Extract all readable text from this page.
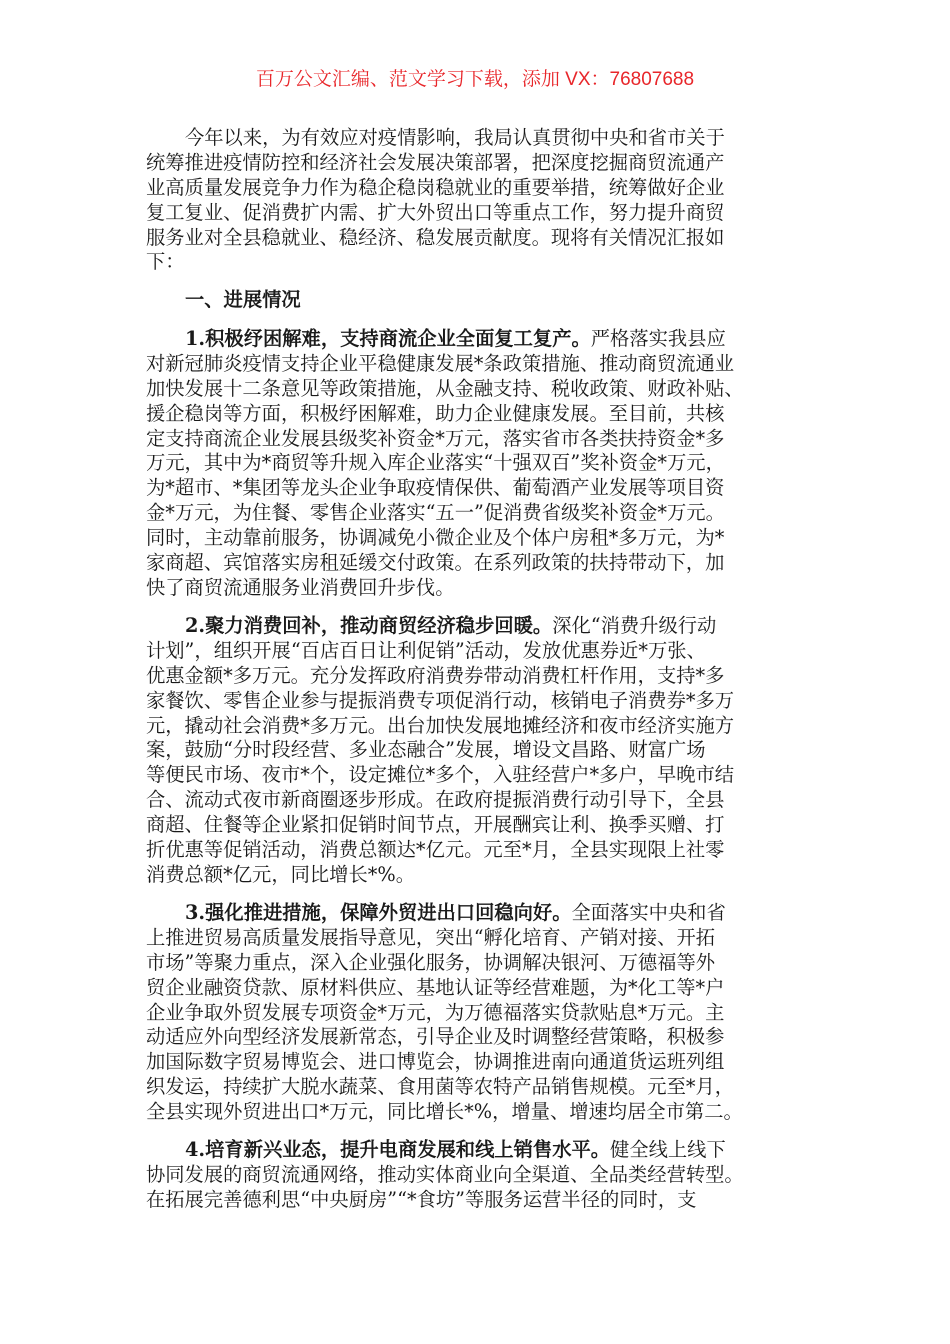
百万公文汇编、范文学习下载，添加 VX：76807688
今年以来，为有效应对疫情影响，我局认真贯彻中央和省市关于
统筹推进疫情防控和经济社会发展决策部署，把深度挖掘商贸流通产
业高质量发展竞争力作为稳企稳岗稳就业的重要举措，统筹做好企业
复工复业、促消费扩内需、扩大外贸出口等重点工作，努力提升商贸
服务业对全县稳就业、稳经济、稳发展贡献度。现将有关情况汇报如
下：
一、进展情况
1.积极纾困解难，支持商流企业全面复工复产。严格落实我县应
对新冠肺炎疫情支持企业平稳健康发展*条政策措施、推动商贸流通业
加快发展十二条意见等政策措施，从金融支持、税收政策、财政补贴、
援企稳岗等方面，积极纾困解难，助力企业健康发展。至目前，共核
定支持商流企业发展县级奖补资金*万元，落实省市各类扶持资金*多
万元，其中为*商贸等升规入库企业落实“十强双百”奖补资金*万元，
为*超市、*集团等龙头企业争取疫情保供、葡萄酒产业发展等项目资
金*万元，为住餐、零售企业落实“五一”促消费省级奖补资金*万元。
同时，主动靠前服务，协调减免小微企业及个体户房租*多万元，为*
家商超、宾馆落实房租延缓交付政策。在系列政策的扶持带动下，加
快了商贸流通服务业消费回升步伐。
2.聚力消费回补，推动商贸经济稳步回暖。深化“消费升级行动
计划”，组织开展“百店百日让利促销”活动，发放优惠券近*万张、
优惠金额*多万元。充分发挥政府消费券带动消费杠杆作用，支持*多
家餐饮、零售企业参与提振消费专项促消行动，核销电子消费券*多万
元，撬动社会消费*多万元。出台加快发展地摊经济和夜市经济实施方
案，鼓励“分时段经营、多业态融合”发展，增设文昌路、财富广场
等便民市场、夜市*个，设定摊位*多个，入驻经营户*多户，早晚市结
合、流动式夜市新商圈逐步形成。在政府提振消费行动引导下，全县
商超、住餐等企业紧扣促销时间节点，开展酬宾让利、换季买赠、打
折优惠等促销活动，消费总额达*亿元。元至*月，全县实现限上社零
消费总额*亿元，同比增长*%。
3.强化推进措施，保障外贸进出口回稳向好。全面落实中央和省
上推进贸易高质量发展指导意见，突出“孵化培育、产销对接、开拓
市场”等聚力重点，深入企业强化服务，协调解决银河、万德福等外
贸企业融资贷款、原材料供应、基地认证等经营难题，为*化工等*户
企业争取外贸发展专项资金*万元，为万德福落实贷款贴息*万元。主
动适应外向型经济发展新常态，引导企业及时调整经营策略，积极参
加国际数字贸易博览会、进口博览会，协调推进南向通道货运班列组
织发运，持续扩大脱水蔬菜、食用菌等农特产品销售规模。元至*月，
全县实现外贸进出口*万元，同比增长*%，增量、增速均居全市第二。
4.培育新兴业态，提升电商发展和线上销售水平。健全线上线下
协同发展的商贸流通网络，推动实体商业向全渠道、全品类经营转型。
在拓展完善德利思“中央厨房”“*食坊”等服务运营半径的同时，支
